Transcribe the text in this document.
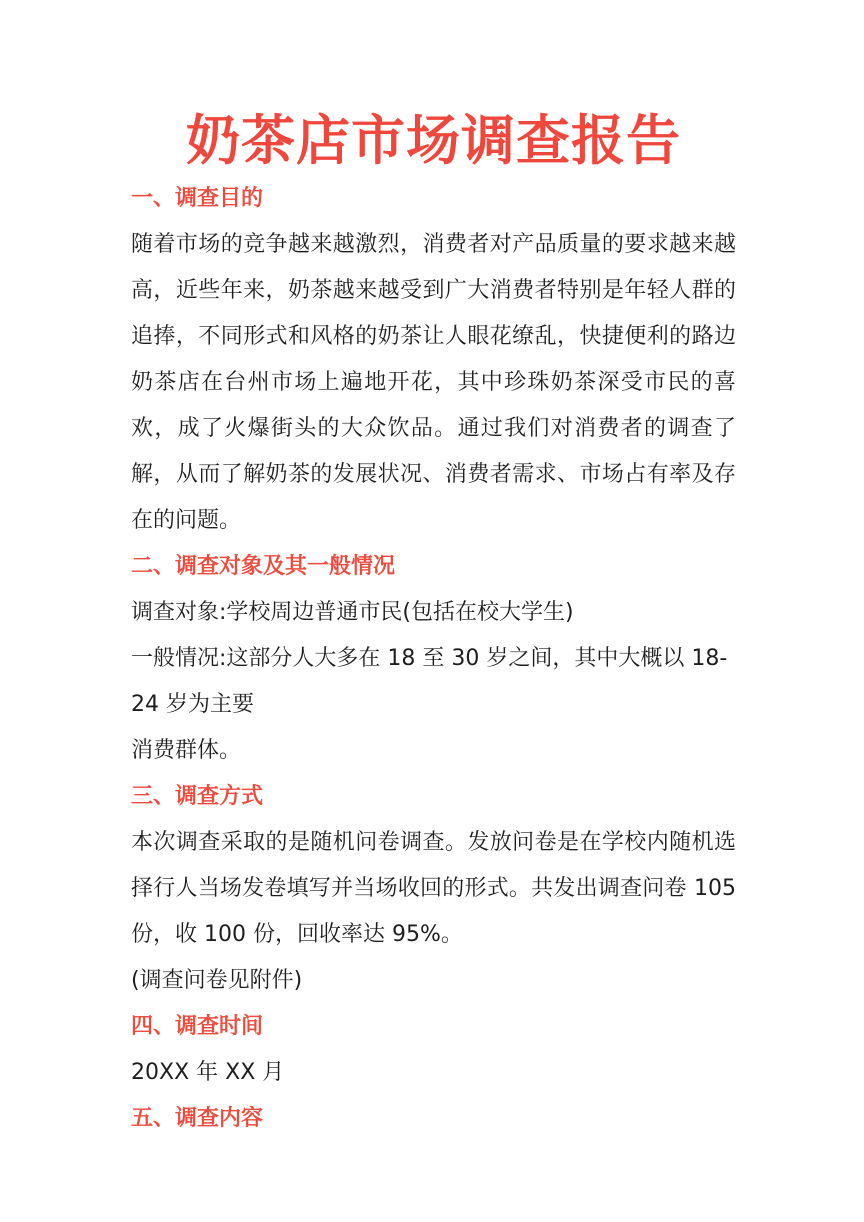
奶茶店市场调查报告
一、调查目的

随着市场的竞争越来越激烈，消费者对产品质量的要求越来越高，近些年来，奶茶越来越受到广大消费者特别是年轻人群的追捧，不同形式和风格的奶茶让人眼花缭乱，快捷便利的路边奶茶店在台州市场上遍地开花，其中珍珠奶茶深受市民的喜欢，成了火爆街头的大众饮品。通过我们对消费者的调查了解，从而了解奶茶的发展状况、消费者需求、市场占有率及存在的问题。

二、调查对象及其一般情况

调查对象:学校周边普通市民(包括在校大学生)

一般情况:这部分人大多在 18 至 30 岁之间，其中大概以 18-24 岁为主要

消费群体。

三、调查方式

本次调查采取的是随机问卷调查。发放问卷是在学校内随机选择行人当场发卷填写并当场收回的形式。共发出调查问卷 105 份，收 100 份，回收率达 95%。

(调查问卷见附件)

四、调查时间

20XX 年 XX 月

五、调查内容
